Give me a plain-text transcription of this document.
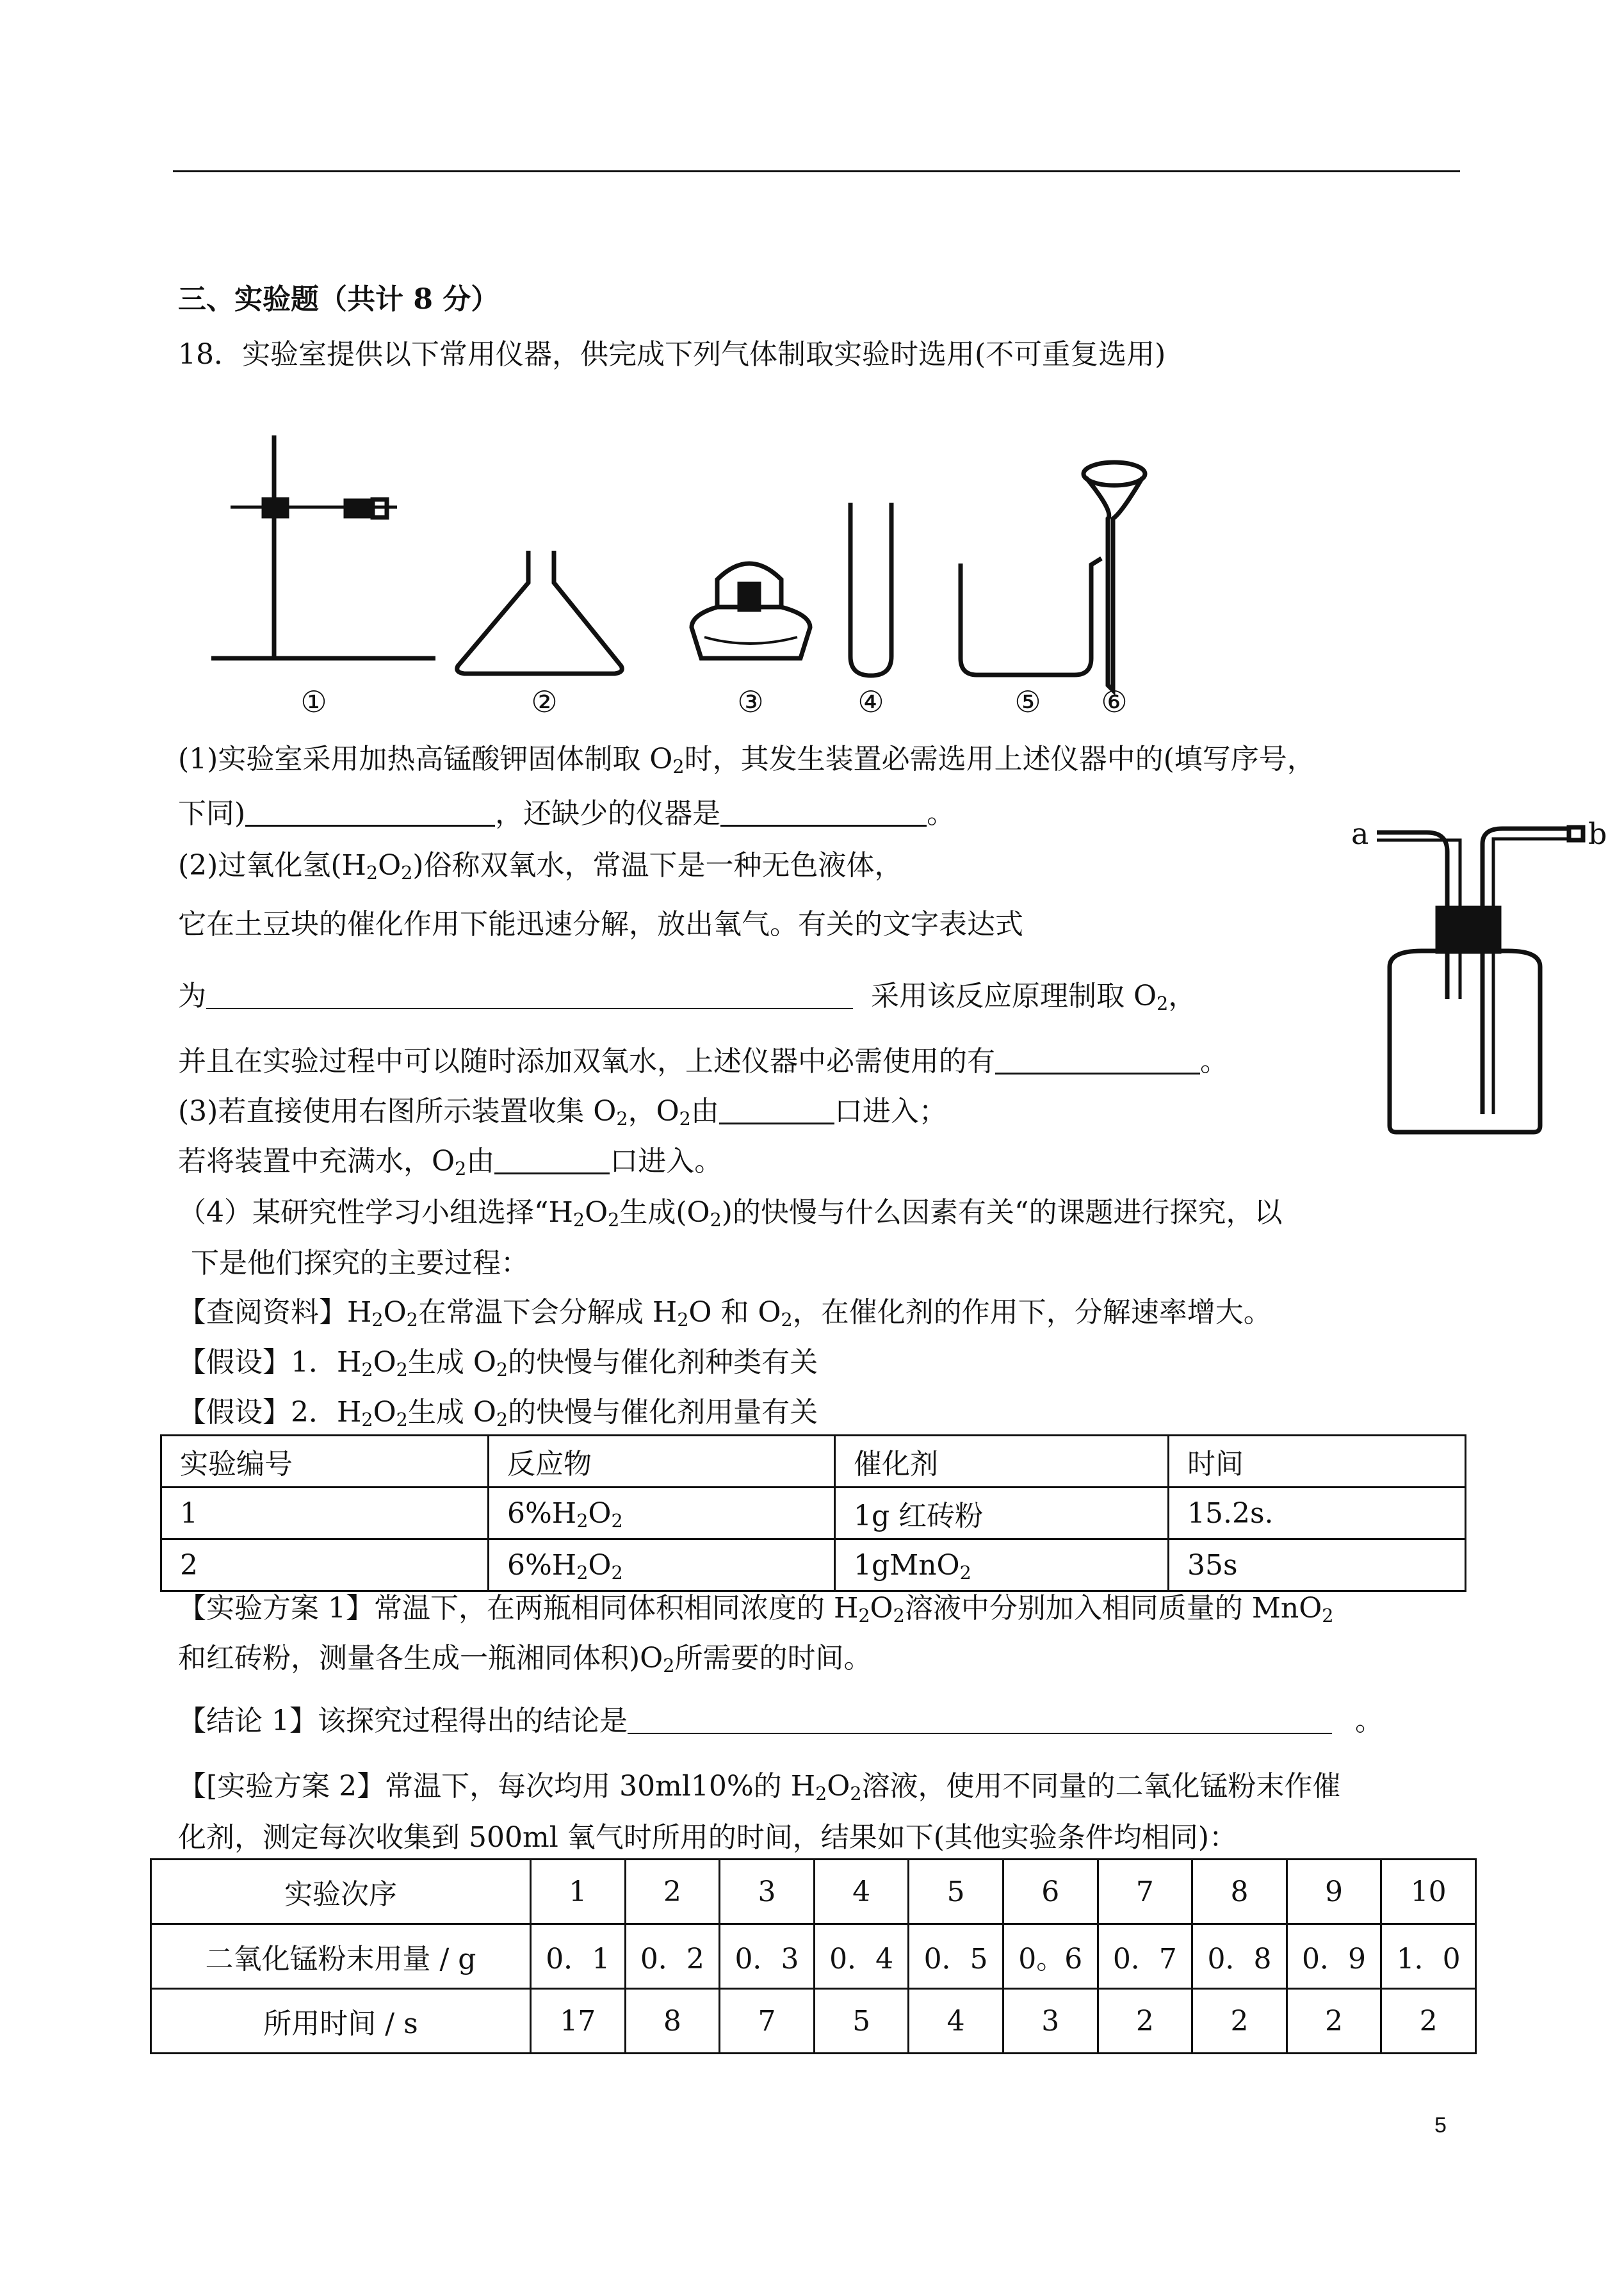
三、实验题（共计 8 分）
18．实验室提供以下常用仪器，供完成下列气体制取实验时选用(不可重复选用)
①	②	③	④	⑤ ⑥
a	b
(1)实验室采用加热高锰酸钾固体制取 $O_2$时，其发生装置必需选用上述仪器中的(填写序号，
下同)	，还缺少的仪器是	。
(2)过氧化氢$(H_2O_2)$俗称双氧水，常温下是一种无色液体，
它在土豆块的催化作用下能迅速分解，放出氧气。有关的文字表达式
为	采用该反应原理制取 $O_2$，
并且在实验过程中可以随时添加双氧水，上述仪器中必需使用的有	。
(3)若直接使用右图所示装置收集 $O_2$，$O_2$由	口进入；
若将装置中充满水，$O_2$由	口进入。
（4）某研究性学习小组选择“$H_2O_2$生成$(O_2)$的快慢与什么因素有关“的课题进行探究，以
下是他们探究的主要过程：
【查阅资料】$H_2O_2$在常温下会分解成 $H_2O$ 和 $O_2$，在催化剂的作用下，分解速率增大。
【假设】1．$H_2O_2$生成 $O_2$的快慢与催化剂种类有关
【假设】2．$H_2O_2$生成 $O_2$的快慢与催化剂用量有关
实验编号	反应物	催化剂	时间
1	$6\%H_2O_2$	1g 红砖粉	15.2s.
2	$6\%H_2O_2$	1gMnO$_2$	35s
【实验方案 1】常温下，在两瓶相同体积相同浓度的 $H_2O_2$溶液中分别加入相同质量的 MnO$_2$
和红砖粉，测量各生成一瓶湘同体积)$O_2$所需要的时间。
【结论 1】该探究过程得出的结论是	。
【[实验方案 2】常温下，每次均用 30ml10%的 $H_2O_2$溶液，使用不同量的二氧化锰粉末作催
化剂，测定每次收集到 500ml 氧气时所用的时间，结果如下(其他实验条件均相同)：
实验次序	1	2	3	4	5	6	7	8	9	10
二氧化锰粉末用量 / g	0．1	0．2	0．3	0．4	0．5	0。6	0．7	0．8	0．9	1．0
所用时间 / s	17	8	7	5	4	3	2	2	2	2
5
